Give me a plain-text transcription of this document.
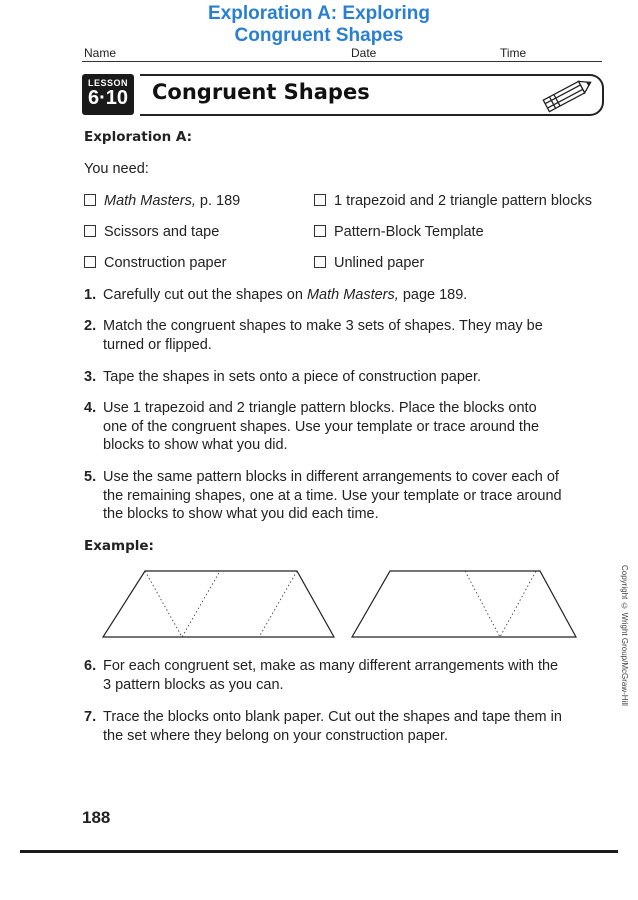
Exploration A: Exploring
Congruent Shapes
Name	Date	Time
LESSON
6·10 Congruent Shapes
Exploration A:
You need:
Math Masters, p. 189	1 trapezoid and 2 triangle pattern blocks
Scissors and tape	Pattern-Block Template
Construction paper	Unlined paper
1. Carefully cut out the shapes on Math Masters, page 189.
2. Match the congruent shapes to make 3 sets of shapes. They may be turned or flipped.
3. Tape the shapes in sets onto a piece of construction paper.
4. Use 1 trapezoid and 2 triangle pattern blocks. Place the blocks onto one of the congruent shapes. Use your template or trace around the blocks to show what you did.
5. Use the same pattern blocks in different arrangements to cover each of the remaining shapes, one at a time. Use your template or trace around the blocks to show what you did each time.
Example:
6. For each congruent set, make as many different arrangements with the 3 pattern blocks as you can.
7. Trace the blocks onto blank paper. Cut out the shapes and tape them in the set where they belong on your construction paper.
188
Copyright © Wright Group/McGraw-Hill
